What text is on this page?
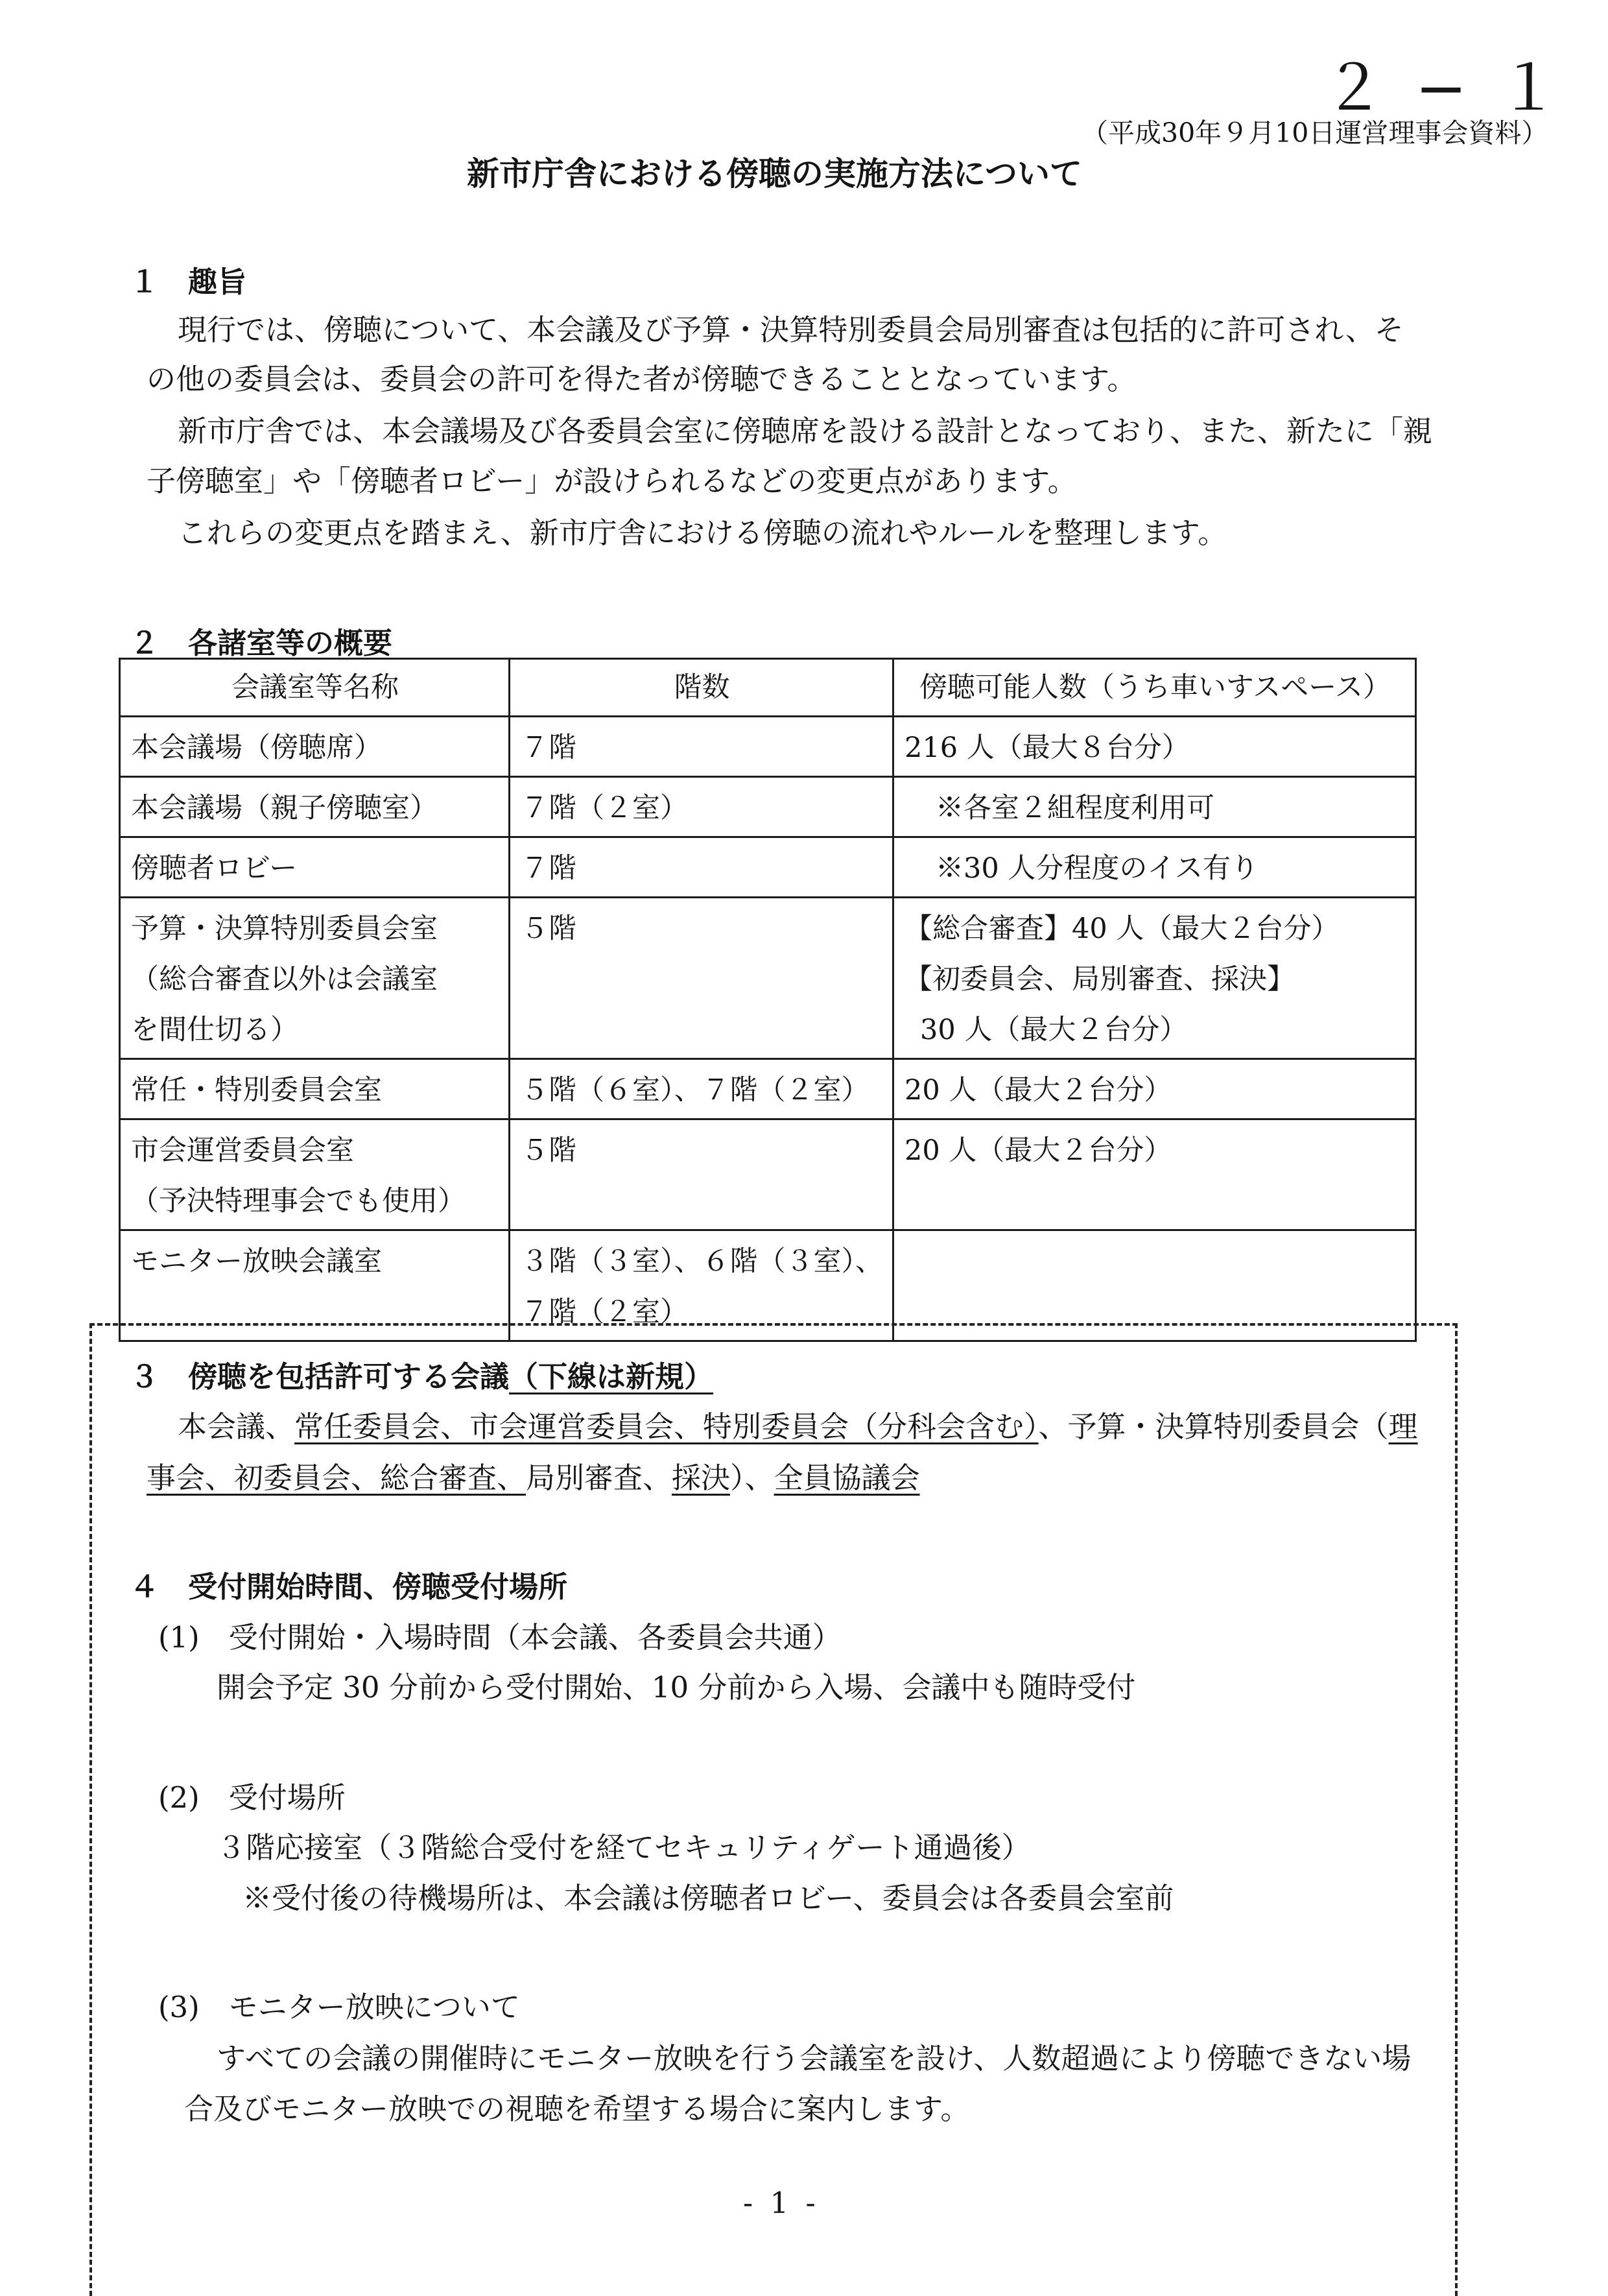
２ − １
（平成30年９月10日運営理事会資料）
新市庁舎における傍聴の実施方法について
１　趣旨
現行では、傍聴について、本会議及び予算・決算特別委員会局別審査は包括的に許可され、そ
の他の委員会は、委員会の許可を得た者が傍聴できることとなっています。
新市庁舎では、本会議場及び各委員会室に傍聴席を設ける設計となっており、また、新たに「親
子傍聴室」や「傍聴者ロビー」が設けられるなどの変更点があります。
これらの変更点を踏まえ、新市庁舎における傍聴の流れやルールを整理します。
２　各諸室等の概要
会議室等名称	階数	傍聴可能人数（うち車いすスペース）

本会議場（傍聴席）	７階	216 人（最大８台分）

本会議場（親子傍聴室）	７階（２室）	※各室２組程度利用可

傍聴者ロビー	７階	※30 人分程度のイス有り

予算・決算特別委員会室
（総合審査以外は会議室
を間仕切る）	５階	【総合審査】40 人（最大２台分）
【初委員会、局別審査、採決】
30 人（最大２台分）

常任・特別委員会室	５階（６室）、７階（２室）	20 人（最大２台分）

市会運営委員会室
（予決特理事会でも使用）	５階	20 人（最大２台分）

モニター放映会議室	３階（３室）、６階（３室）、
７階（２室）	

３　傍聴を包括許可する会議（下線は新規）
本会議、常任委員会、市会運営委員会、特別委員会（分科会含む）、予算・決算特別委員会（理
事会、初委員会、総合審査、局別審査、採決）、全員協議会
４　受付開始時間、傍聴受付場所
(1)　受付開始・入場時間（本会議、各委員会共通）
開会予定 30 分前から受付開始、10 分前から入場、会議中も随時受付
(2)　受付場所
３階応接室（３階総合受付を経てセキュリティゲート通過後）
※受付後の待機場所は、本会議は傍聴者ロビー、委員会は各委員会室前
(3)　モニター放映について
すべての会議の開催時にモニター放映を行う会議室を設け、人数超過により傍聴できない場
合及びモニター放映での視聴を希望する場合に案内します。
- 1 -
